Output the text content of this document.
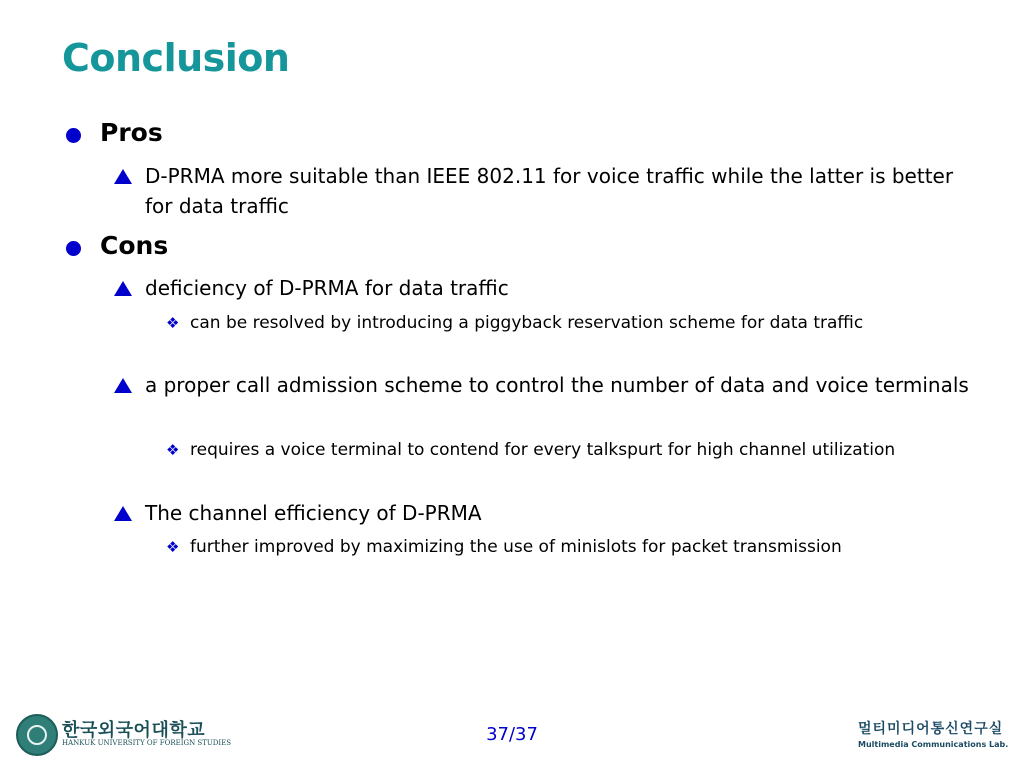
Conclusion
Pros
D-PRMA more suitable than IEEE 802.11 for voice traffic while the latter is better for data traffic
Cons
deficiency of D-PRMA for data traffic
❖ can be resolved by introducing a piggyback reservation scheme for data traffic
a proper call admission scheme to control the number of data and voice terminals
❖ requires a voice terminal to contend for every talkspurt for high channel utilization
The channel efficiency of D-PRMA
❖ further improved by maximizing the use of minislots for packet transmission
한국외국어대학교
HANKUK UNIVERSITY OF FOREIGN STUDIES	37/37	멀티미디어통신연구실
Multimedia Communications Lab.
